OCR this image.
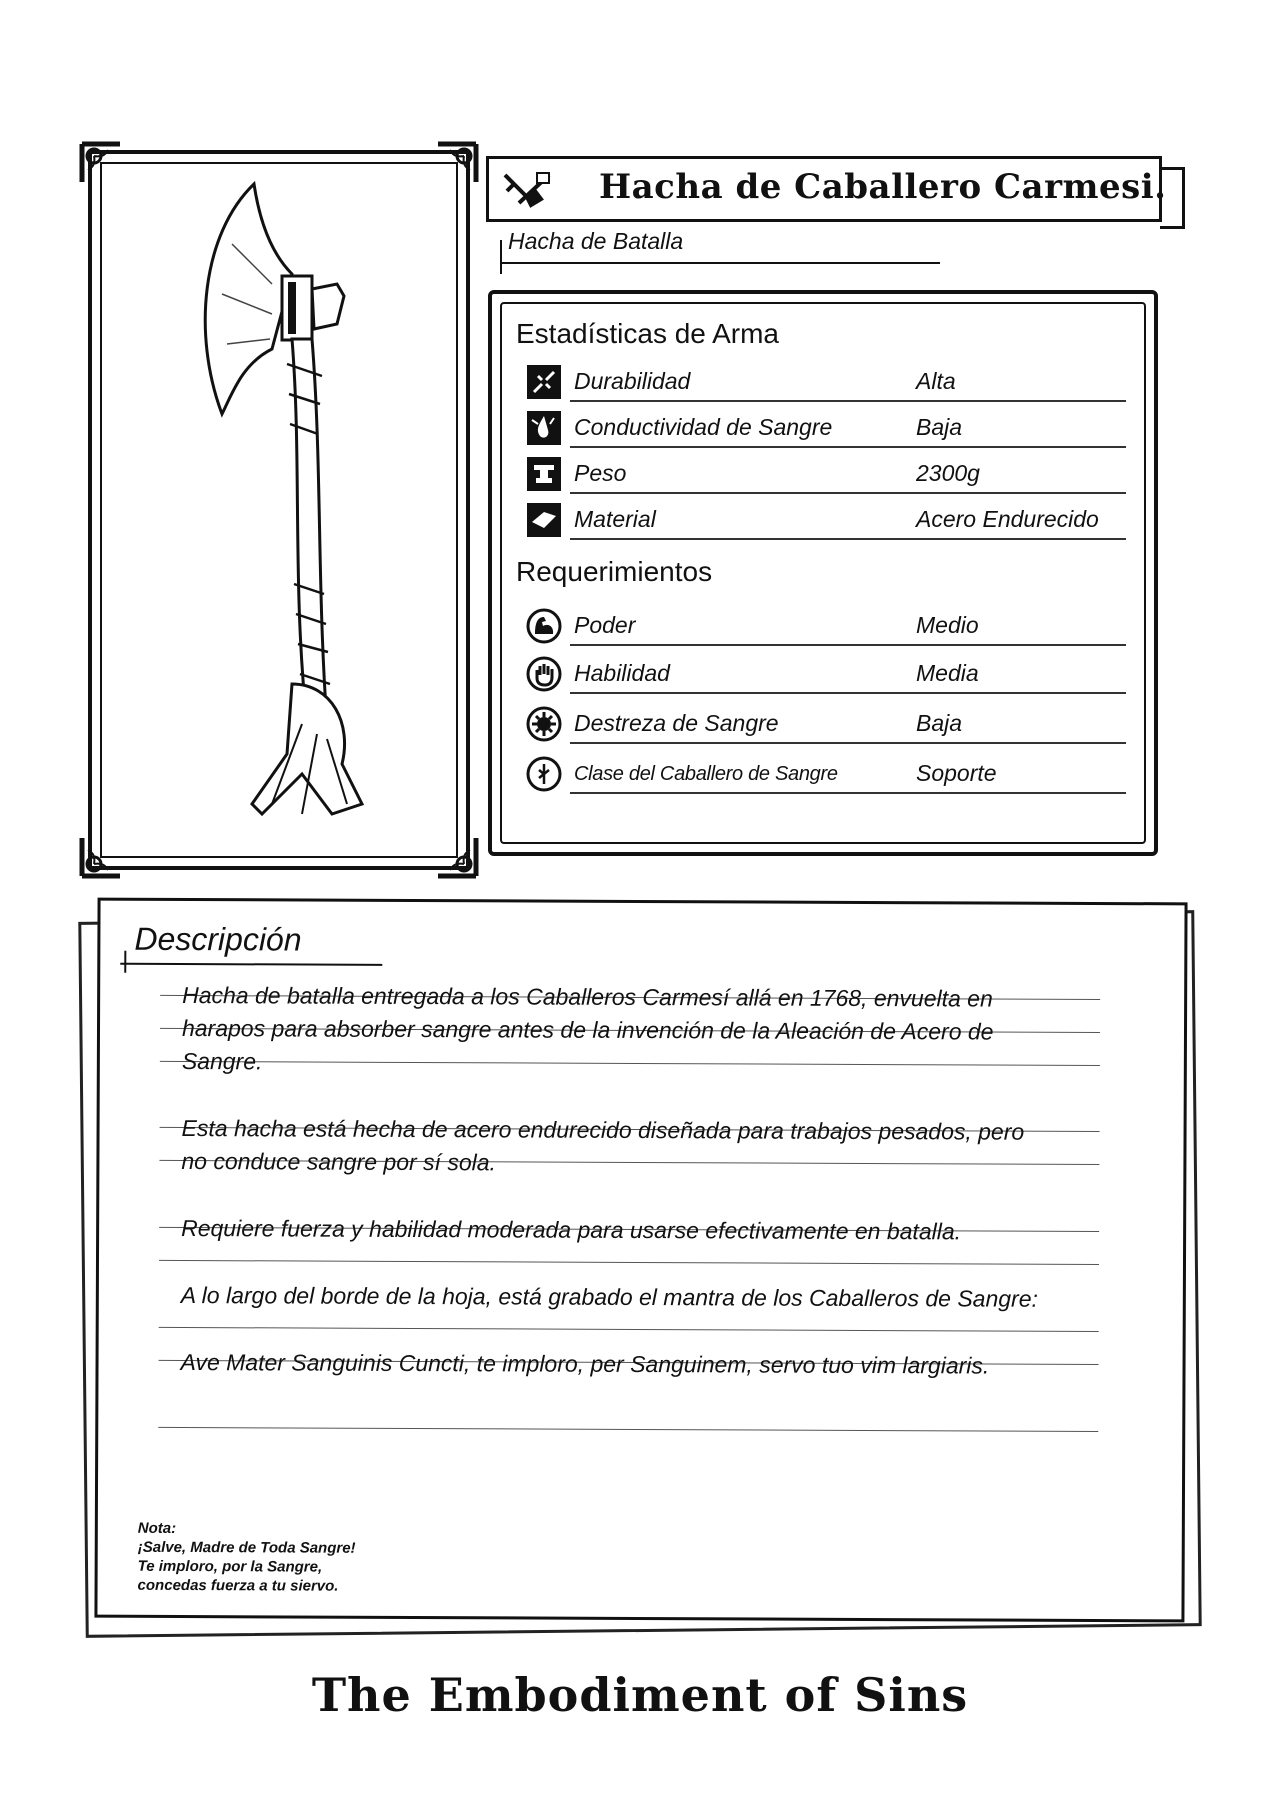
Hacha de Caballero Carmesi.
Hacha de Batalla
Estadísticas de Arma
Durabilidad	Alta
Conductividad de Sangre	Baja
Peso	2300g
Material	Acero Endurecido
Requerimientos
Poder	Medio
Habilidad	Media
Destreza de Sangre	Baja
Clase del Caballero de Sangre	Soporte
Descripción

Hacha de batalla entregada a los Caballeros Carmesí allá en 1768, envuelta en harapos para absorber sangre antes de la invención de la Aleación de Acero de Sangre.

Esta hacha está hecha de acero endurecido diseñada para trabajos pesados, pero no conduce sangre por sí sola.

Requiere fuerza y habilidad moderada para usarse efectivamente en batalla.

A lo largo del borde de la hoja, está grabado el mantra de los Caballeros de Sangre:

Ave Mater Sanguinis Cuncti, te imploro, per Sanguinem, servo tuo vim largiaris.

Nota:
¡Salve, Madre de Toda Sangre!
Te imploro, por la Sangre,
concedas fuerza a tu siervo.
The Embodiment of Sins
